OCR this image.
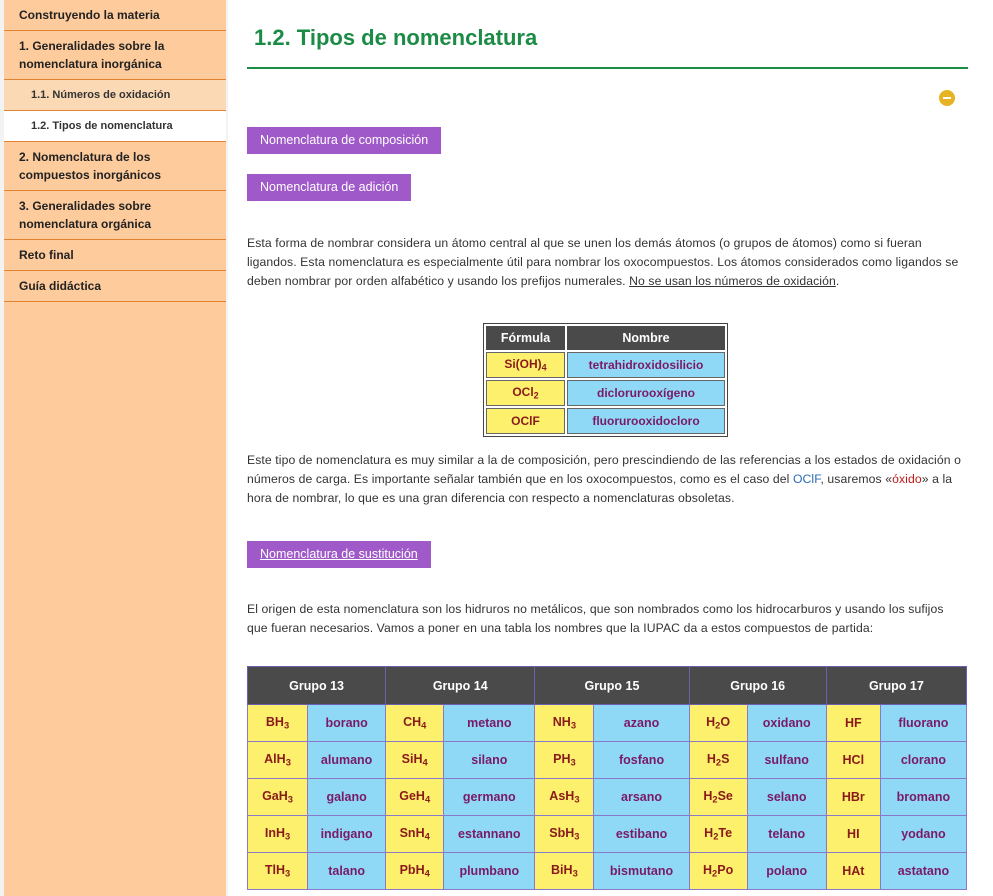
Construyendo la materia
1. Generalidades sobre la nomenclatura inorgánica
1.1. Números de oxidación
1.2. Tipos de nomenclatura
2. Nomenclatura de los compuestos inorgánicos
3. Generalidades sobre nomenclatura orgánica
Reto final
Guía didáctica
1.2. Tipos de nomenclatura
Nomenclatura de composición
Nomenclatura de adición

Esta forma de nombrar considera un átomo central al que se unen los demás átomos (o grupos de átomos) como si fueran ligandos. Esta nomenclatura es especialmente útil para nombrar los oxocompuestos. Los átomos considerados como ligandos se deben nombrar por orden alfabético y usando los prefijos numerales. No se usan los números de oxidación.

Fórmula	Nombre
$Si(OH)_4$	tetrahidroxidosilicio
OCl$_2$	diclorurooxígeno
OClF	fluorurooxidocloro

Este tipo de nomenclatura es muy similar a la de composición, pero prescindiendo de las referencias a los estados de oxidación o números de carga. Es importante señalar también que en los oxocompuestos, como es el caso del OClF, usaremos «óxido» a la hora de nombrar, lo que es una gran diferencia con respecto a nomenclaturas obsoletas.

Nomenclatura de sustitución

El origen de esta nomenclatura son los hidruros no metálicos, que son nombrados como los hidrocarburos y usando los sufijos que fueran necesarios. Vamos a poner en una tabla los nombres que la IUPAC da a estos compuestos de partida:

Grupo 13		Grupo 14		Grupo 15		Grupo 16		Grupo 17	
$BH_3$	borano	$CH_4$	metano	$NH_3$	azano	$H_2O$	oxidano	HF	fluorano
AlH$_3$	alumano	SiH$_4$	silano	$PH_3$	fosfano	$H_2S$	sulfano	HCl	clorano
GaH$_3$	galano	GeH$_4$	germano	AsH$_3$	arsano	$H_2Se$	selano	HBr	bromano
InH$_3$	indigano	SnH$_4$	estannano	SbH$_3$	estibano	$H_2Te$	telano	HI	yodano
TlH$_3$	talano	PbH$_4$	plumbano	BiH$_3$	bismutano	$H_2Po$	polano	HAt	astatano
